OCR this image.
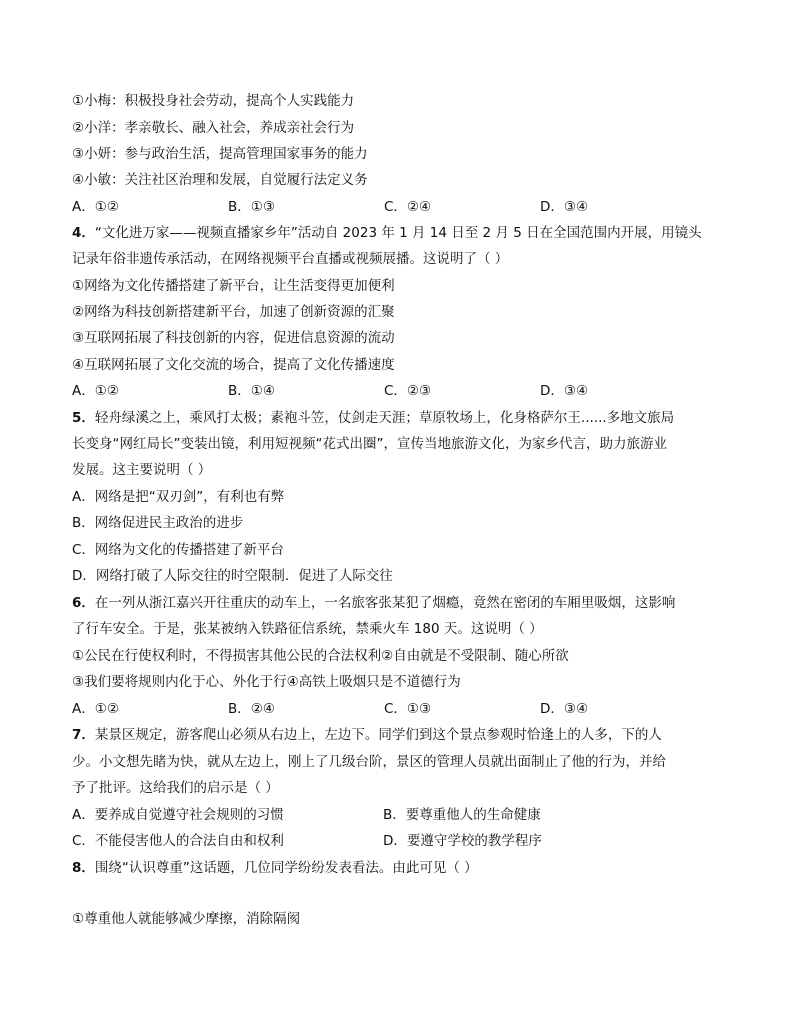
①小梅：积极投身社会劳动，提高个人实践能力
②小洋：孝亲敬长、融入社会，养成亲社会行为
③小妍：参与政治生活，提高管理国家事务的能力
④小敏：关注社区治理和发展，自觉履行法定义务
A．①②	B．①③	C．②④	D．③④
4．“文化进万家——视频直播家乡年”活动自 2023 年 1 月 14 日至 2 月 5 日在全国范围内开展，用镜头
记录年俗非遗传承活动，在网络视频平台直播或视频展播。这说明了（ ）
①网络为文化传播搭建了新平台，让生活变得更加便利
②网络为科技创新搭建新平台，加速了创新资源的汇聚
③互联网拓展了科技创新的内容，促进信息资源的流动
④互联网拓展了文化交流的场合，提高了文化传播速度
A．①②	B．①④	C．②③	D．③④
5．轻舟绿溪之上，乘风打太极；素袍斗笠，仗剑走天涯；草原牧场上，化身格萨尔王......多地文旅局
长变身“网红局长”变装出镜，利用短视频“花式出圈”，宣传当地旅游文化，为家乡代言，助力旅游业
发展。这主要说明（ ）
A．网络是把“双刃剑”，有利也有弊
B．网络促进民主政治的进步
C．网络为文化的传播搭建了新平台
D．网络打破了人际交往的时空限制．促进了人际交往
6．在一列从浙江嘉兴开往重庆的动车上，一名旅客张某犯了烟瘾，竟然在密闭的车厢里吸烟，这影响
了行车安全。于是，张某被纳入铁路征信系统，禁乘火车 180 天。这说明（ ）
①公民在行使权利时，不得损害其他公民的合法权利②自由就是不受限制、随心所欲
③我们要将规则内化于心、外化于行④高铁上吸烟只是不道德行为
A．①②	B．②④	C．①③	D．③④
7．某景区规定，游客爬山必须从右边上，左边下。同学们到这个景点参观时恰逢上的人多，下的人
少。小文想先睹为快，就从左边上，刚上了几级台阶，景区的管理人员就出面制止了他的行为，并给
予了批评。这给我们的启示是（ ）
A．要养成自觉遵守社会规则的习惯	B．要尊重他人的生命健康
C．不能侵害他人的合法自由和权利	D．要遵守学校的教学程序
8．围绕“认识尊重”这话题，几位同学纷纷发表看法。由此可见（ ）
①尊重他人就能够减少摩擦，消除隔阂
